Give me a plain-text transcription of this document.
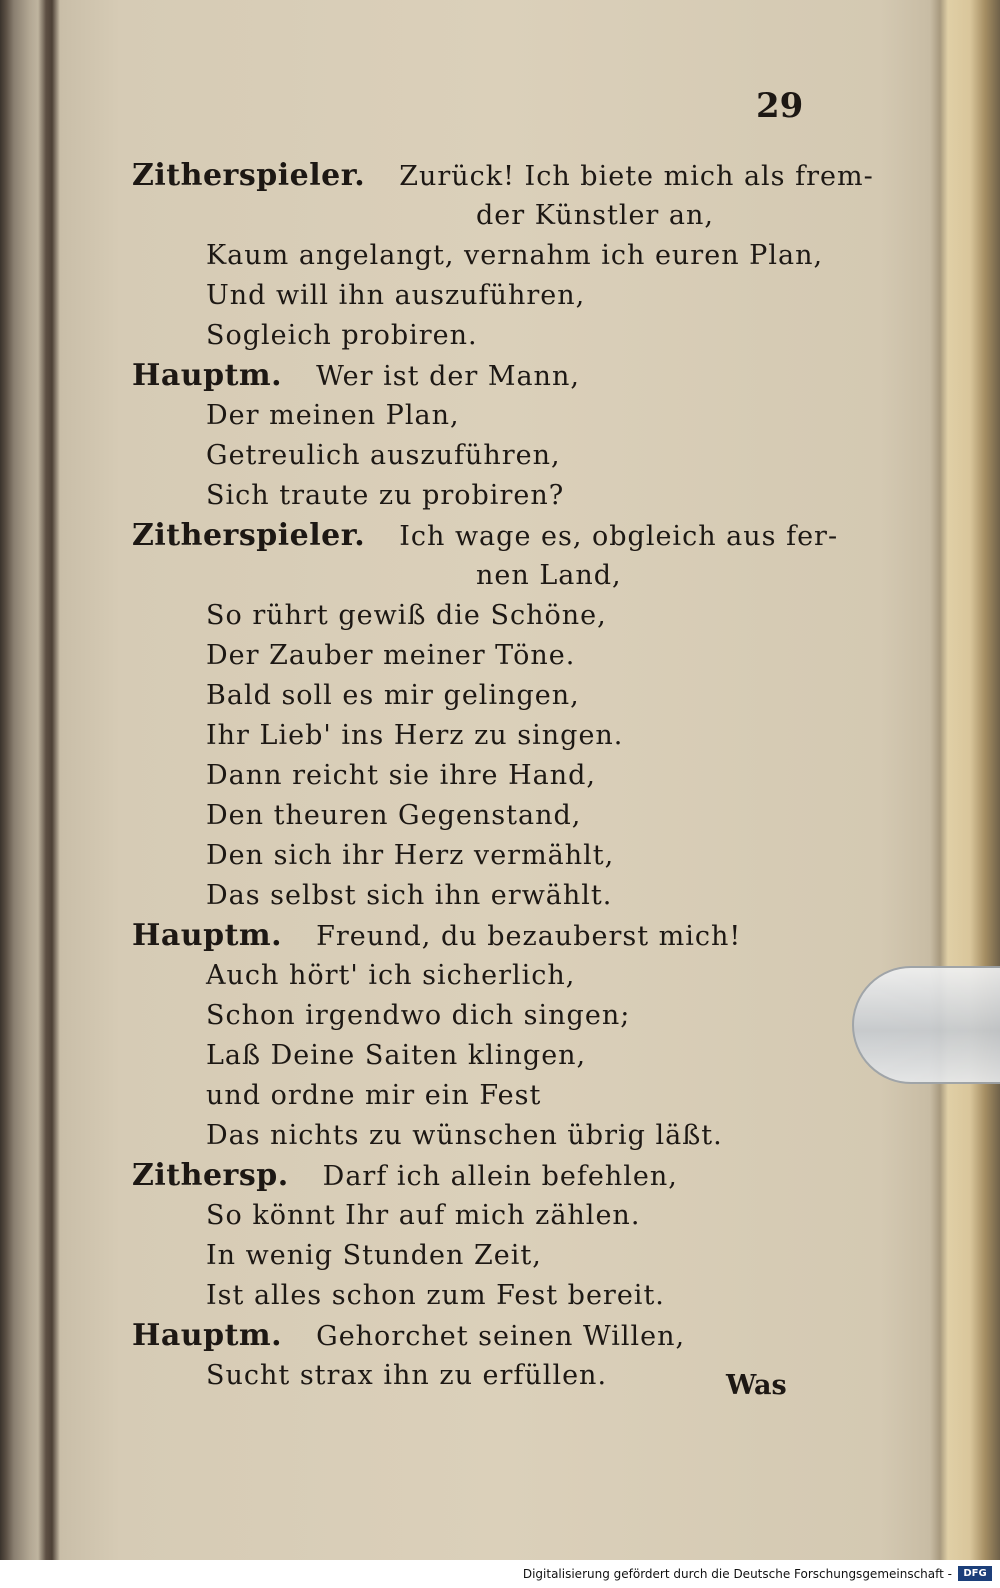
29
Zitherspieler. Zurück! Ich biete mich als frem-
der Künstler an,
Kaum angelangt, vernahm ich euren Plan,
Und will ihn auszuführen,
Sogleich probiren.
Hauptm. Wer ist der Mann,
Der meinen Plan,
Getreulich auszuführen,
Sich traute zu probiren?
Zitherspieler. Ich wage es, obgleich aus fer-
nen Land,
So rührt gewiß die Schöne,
Der Zauber meiner Töne.
Bald soll es mir gelingen,
Ihr Lieb' ins Herz zu singen.
Dann reicht sie ihre Hand,
Den theuren Gegenstand,
Den sich ihr Herz vermählt,
Das selbst sich ihn erwählt.
Hauptm. Freund, du bezauberst mich!
Auch hört' ich sicherlich,
Schon irgendwo dich singen;
Laß Deine Saiten klingen,
und ordne mir ein Fest
Das nichts zu wünschen übrig läßt.
Zithersp. Darf ich allein befehlen,
So könnt Ihr auf mich zählen.
In wenig Stunden Zeit,
Ist alles schon zum Fest bereit.
Hauptm. Gehorchet seinen Willen,
Sucht strax ihn zu erfüllen.	Was
Digitalisierung gefördert durch die Deutsche Forschungsgemeinschaft -	DFG
